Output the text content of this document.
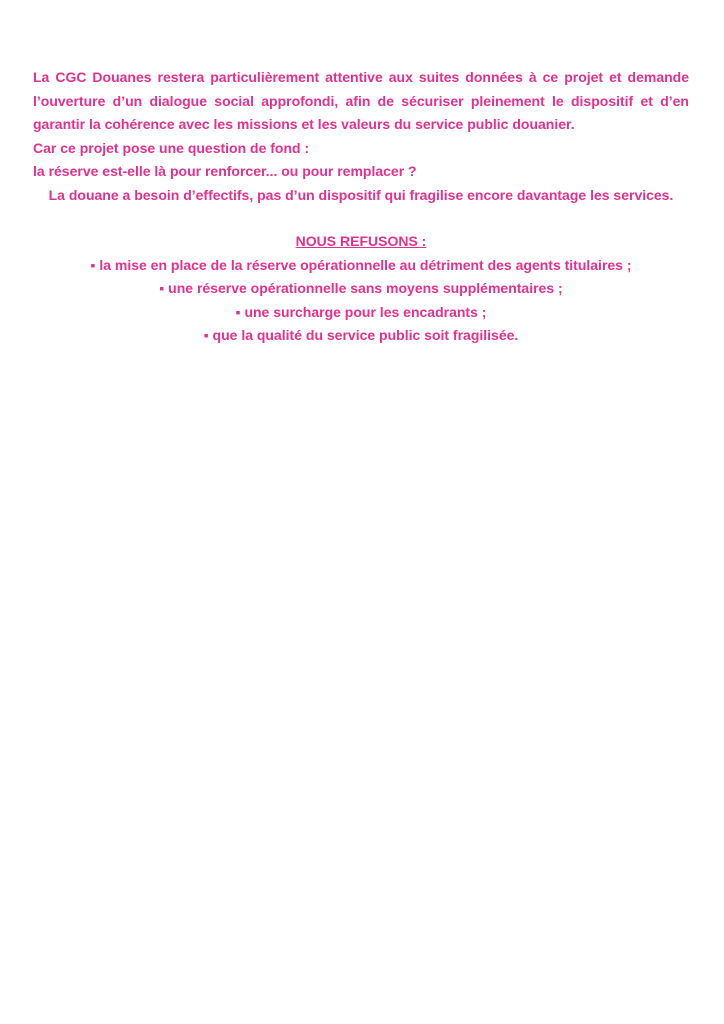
La CGC Douanes restera particulièrement attentive aux suites données à ce projet et demande l’ouverture d’un dialogue social approfondi, afin de sécuriser pleinement le dispositif et d’en garantir la cohérence avec les missions et les valeurs du service public douanier.

Car ce projet pose une question de fond :

la réserve est-elle là pour renforcer... ou pour remplacer ?

La douane a besoin d’effectifs, pas d’un dispositif qui fragilise encore davantage les services.

NOUS REFUSONS :

▪ la mise en place de la réserve opérationnelle au détriment des agents titulaires ;

▪ une réserve opérationnelle sans moyens supplémentaires ;

▪ une surcharge pour les encadrants ;

▪ que la qualité du service public soit fragilisée.
